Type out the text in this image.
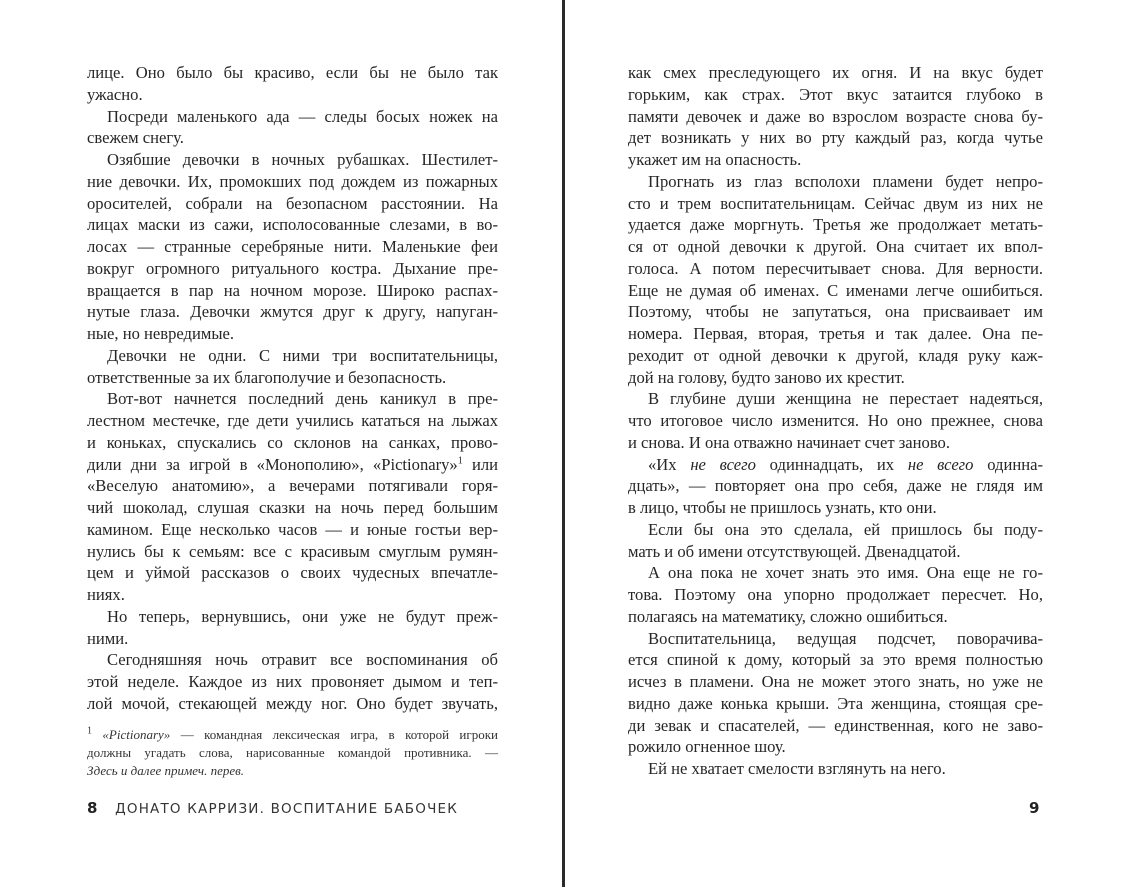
лице. Оно было бы красиво, если бы не было так
ужасно.
Посреди маленького ада — следы босых ножек на
свежем снегу.
Озябшие девочки в ночных рубашках. Шестилет-
ние девочки. Их, промокших под дождем из пожарных
оросителей, собрали на безопасном расстоянии. На
лицах маски из сажи, исполосованные слезами, в во-
лосах — странные серебряные нити. Маленькие феи
вокруг огромного ритуального костра. Дыхание пре-
вращается в пар на ночном морозе. Широко распах-
нутые глаза. Девочки жмутся друг к другу, напуган-
ные, но невредимые.
Девочки не одни. С ними три воспитательницы,
ответственные за их благополучие и безопасность.
Вот-вот начнется последний день каникул в пре-
лестном местечке, где дети учились кататься на лыжах
и коньках, спускались со склонов на санках, прово-
дили дни за игрой в «Монополию», «Pictionary»$^1$ или
«Веселую анатомию», а вечерами потягивали горя-
чий шоколад, слушая сказки на ночь перед большим
камином. Еще несколько часов — и юные гостьи вер-
нулись бы к семьям: все с красивым смуглым румян-
цем и уймой рассказов о своих чудесных впечатле-
ниях.
Но теперь, вернувшись, они уже не будут преж-
ними.
Сегодняшняя ночь отравит все воспоминания об
этой неделе. Каждое из них провоняет дымом и теп-
лой мочой, стекающей между ног. Оно будет звучать,
как смех преследующего их огня. И на вкус будет
горьким, как страх. Этот вкус затаится глубоко в
памяти девочек и даже во взрослом возрасте снова бу-
дет возникать у них во рту каждый раз, когда чутье
укажет им на опасность.
Прогнать из глаз всполохи пламени будет непро-
сто и трем воспитательницам. Сейчас двум из них не
удается даже моргнуть. Третья же продолжает метать-
ся от одной девочки к другой. Она считает их впол-
голоса. А потом пересчитывает снова. Для верности.
Еще не думая об именах. С именами легче ошибиться.
Поэтому, чтобы не запутаться, она присваивает им
номера. Первая, вторая, третья и так далее. Она пе-
реходит от одной девочки к другой, кладя руку каж-
дой на голову, будто заново их крестит.
В глубине души женщина не перестает надеяться,
что итоговое число изменится. Но оно прежнее, снова
и снова. И она отважно начинает счет заново.
«Их не всего одиннадцать, их не всего одинна-
дцать», — повторяет она про себя, даже не глядя им
в лицо, чтобы не пришлось узнать, кто они.
Если бы она это сделала, ей пришлось бы поду-
мать и об имени отсутствующей. Двенадцатой.
А она пока не хочет знать это имя. Она еще не го-
това. Поэтому она упорно продолжает пересчет. Но,
полагаясь на математику, сложно ошибиться.
Воспитательница, ведущая подсчет, поворачива-
ется спиной к дому, который за это время полностью
исчез в пламени. Она не может этого знать, но уже не
видно даже конька крыши. Эта женщина, стоящая сре-
ди зевак и спасателей, — единственная, кого не заво-
рожило огненное шоу.
Ей не хватает смелости взглянуть на него.
$^1$ «Pictionary» — командная лексическая игра, в которой игроки
должны угадать слова, нарисованные командой противника. —
Здесь и далее примеч. перев.
8 ДОНАТО КАРРИЗИ. ВОСПИТАНИЕ БАБОЧЕК	9
